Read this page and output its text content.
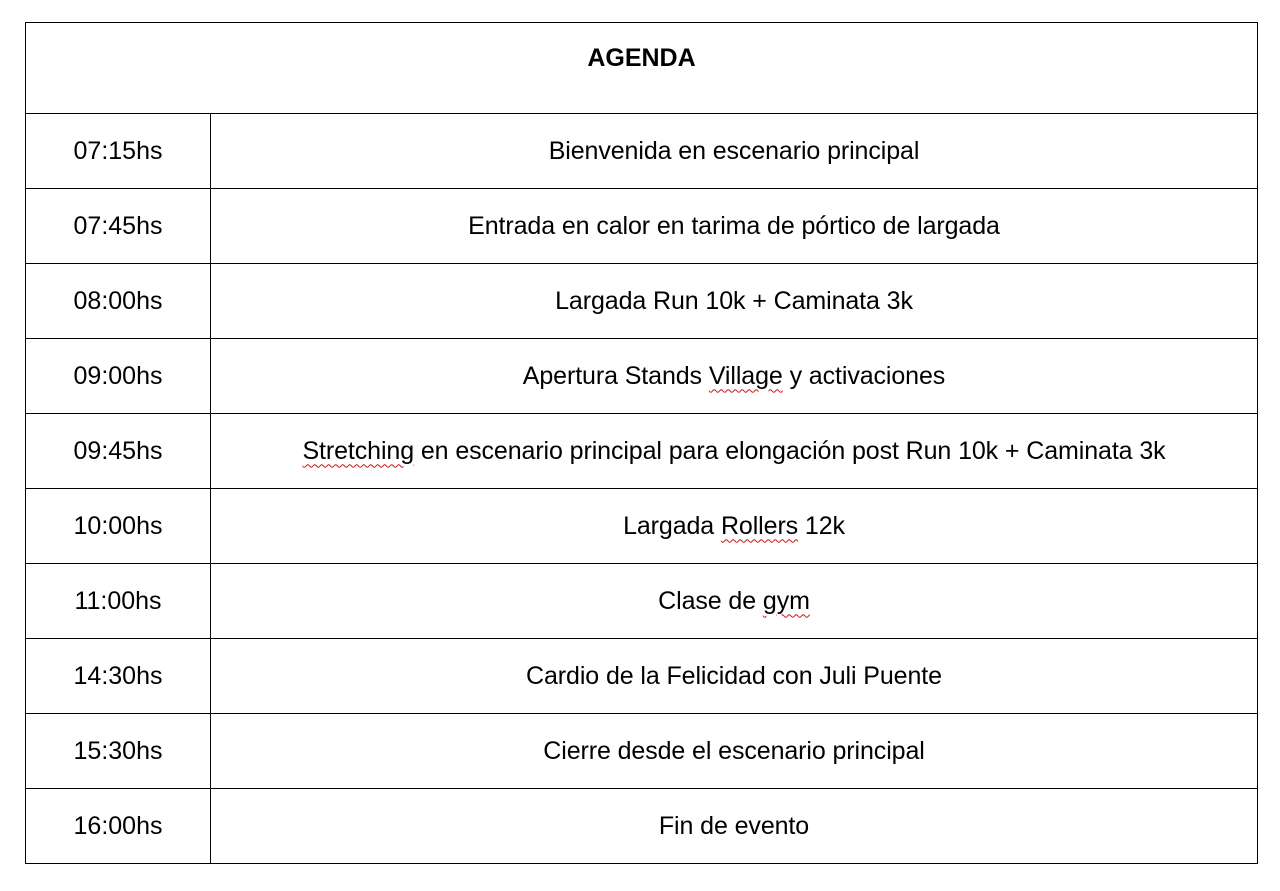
AGENDA	
07:15hs	Bienvenida en escenario principal
07:45hs	Entrada en calor en tarima de pórtico de largada
08:00hs	Largada Run 10k + Caminata 3k
09:00hs	Apertura Stands Village y activaciones
09:45hs	Stretching en escenario principal para elongación post Run 10k + Caminata 3k
10:00hs	Largada Rollers 12k
11:00hs	Clase de gym
14:30hs	Cardio de la Felicidad con Juli Puente
15:30hs	Cierre desde el escenario principal
16:00hs	Fin de evento
